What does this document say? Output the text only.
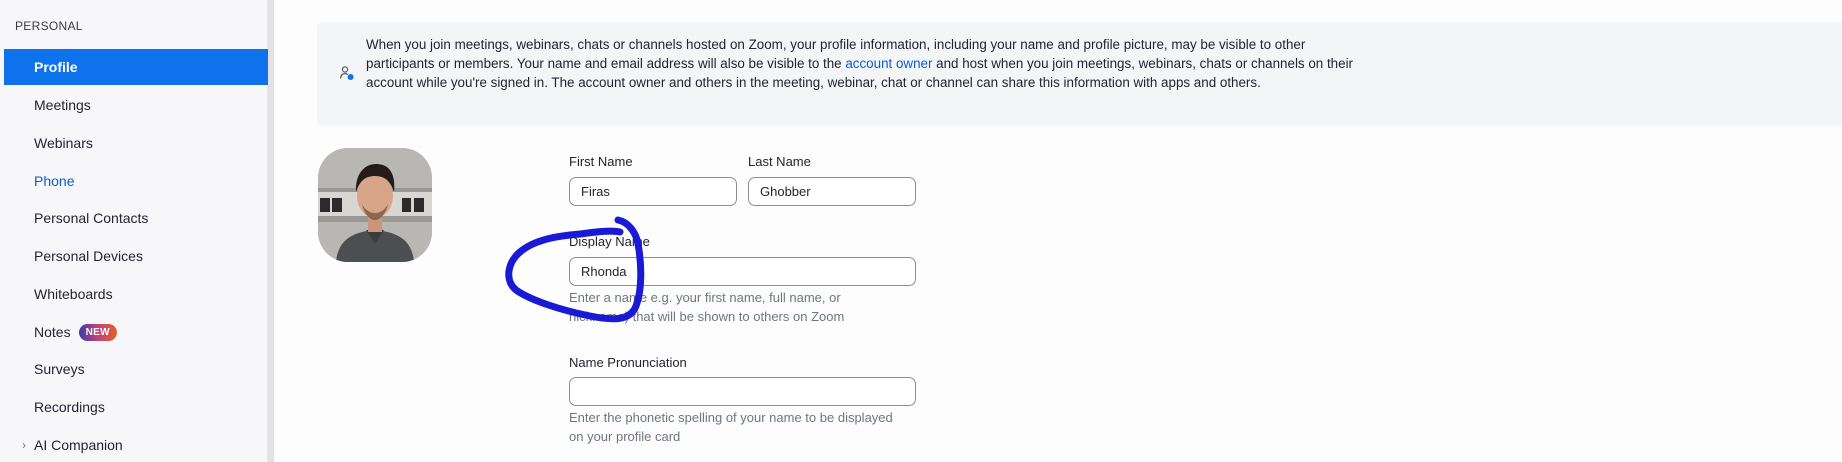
PERSONAL
Profile
Meetings
Webinars
Phone
Personal Contacts
Personal Devices
Whiteboards
Notes	NEW
Surveys
Recordings
› AI Companion

When you join meetings, webinars, chats or channels hosted on Zoom, your profile information, including your name and profile picture, may be visible to other participants or members. Your name and email address will also be visible to the account owner and host when you join meetings, webinars, chats or channels on their account while you're signed in. The account owner and others in the meeting, webinar, chat or channel can share this information with apps and others.

First Name
Firas	Last Name
Ghobber
Display Name
Rhonda
Enter a name e.g. your first name, full name, or
nickname) that will be shown to others on Zoom
Name Pronunciation
Enter the phonetic spelling of your name to be displayed
on your profile card
